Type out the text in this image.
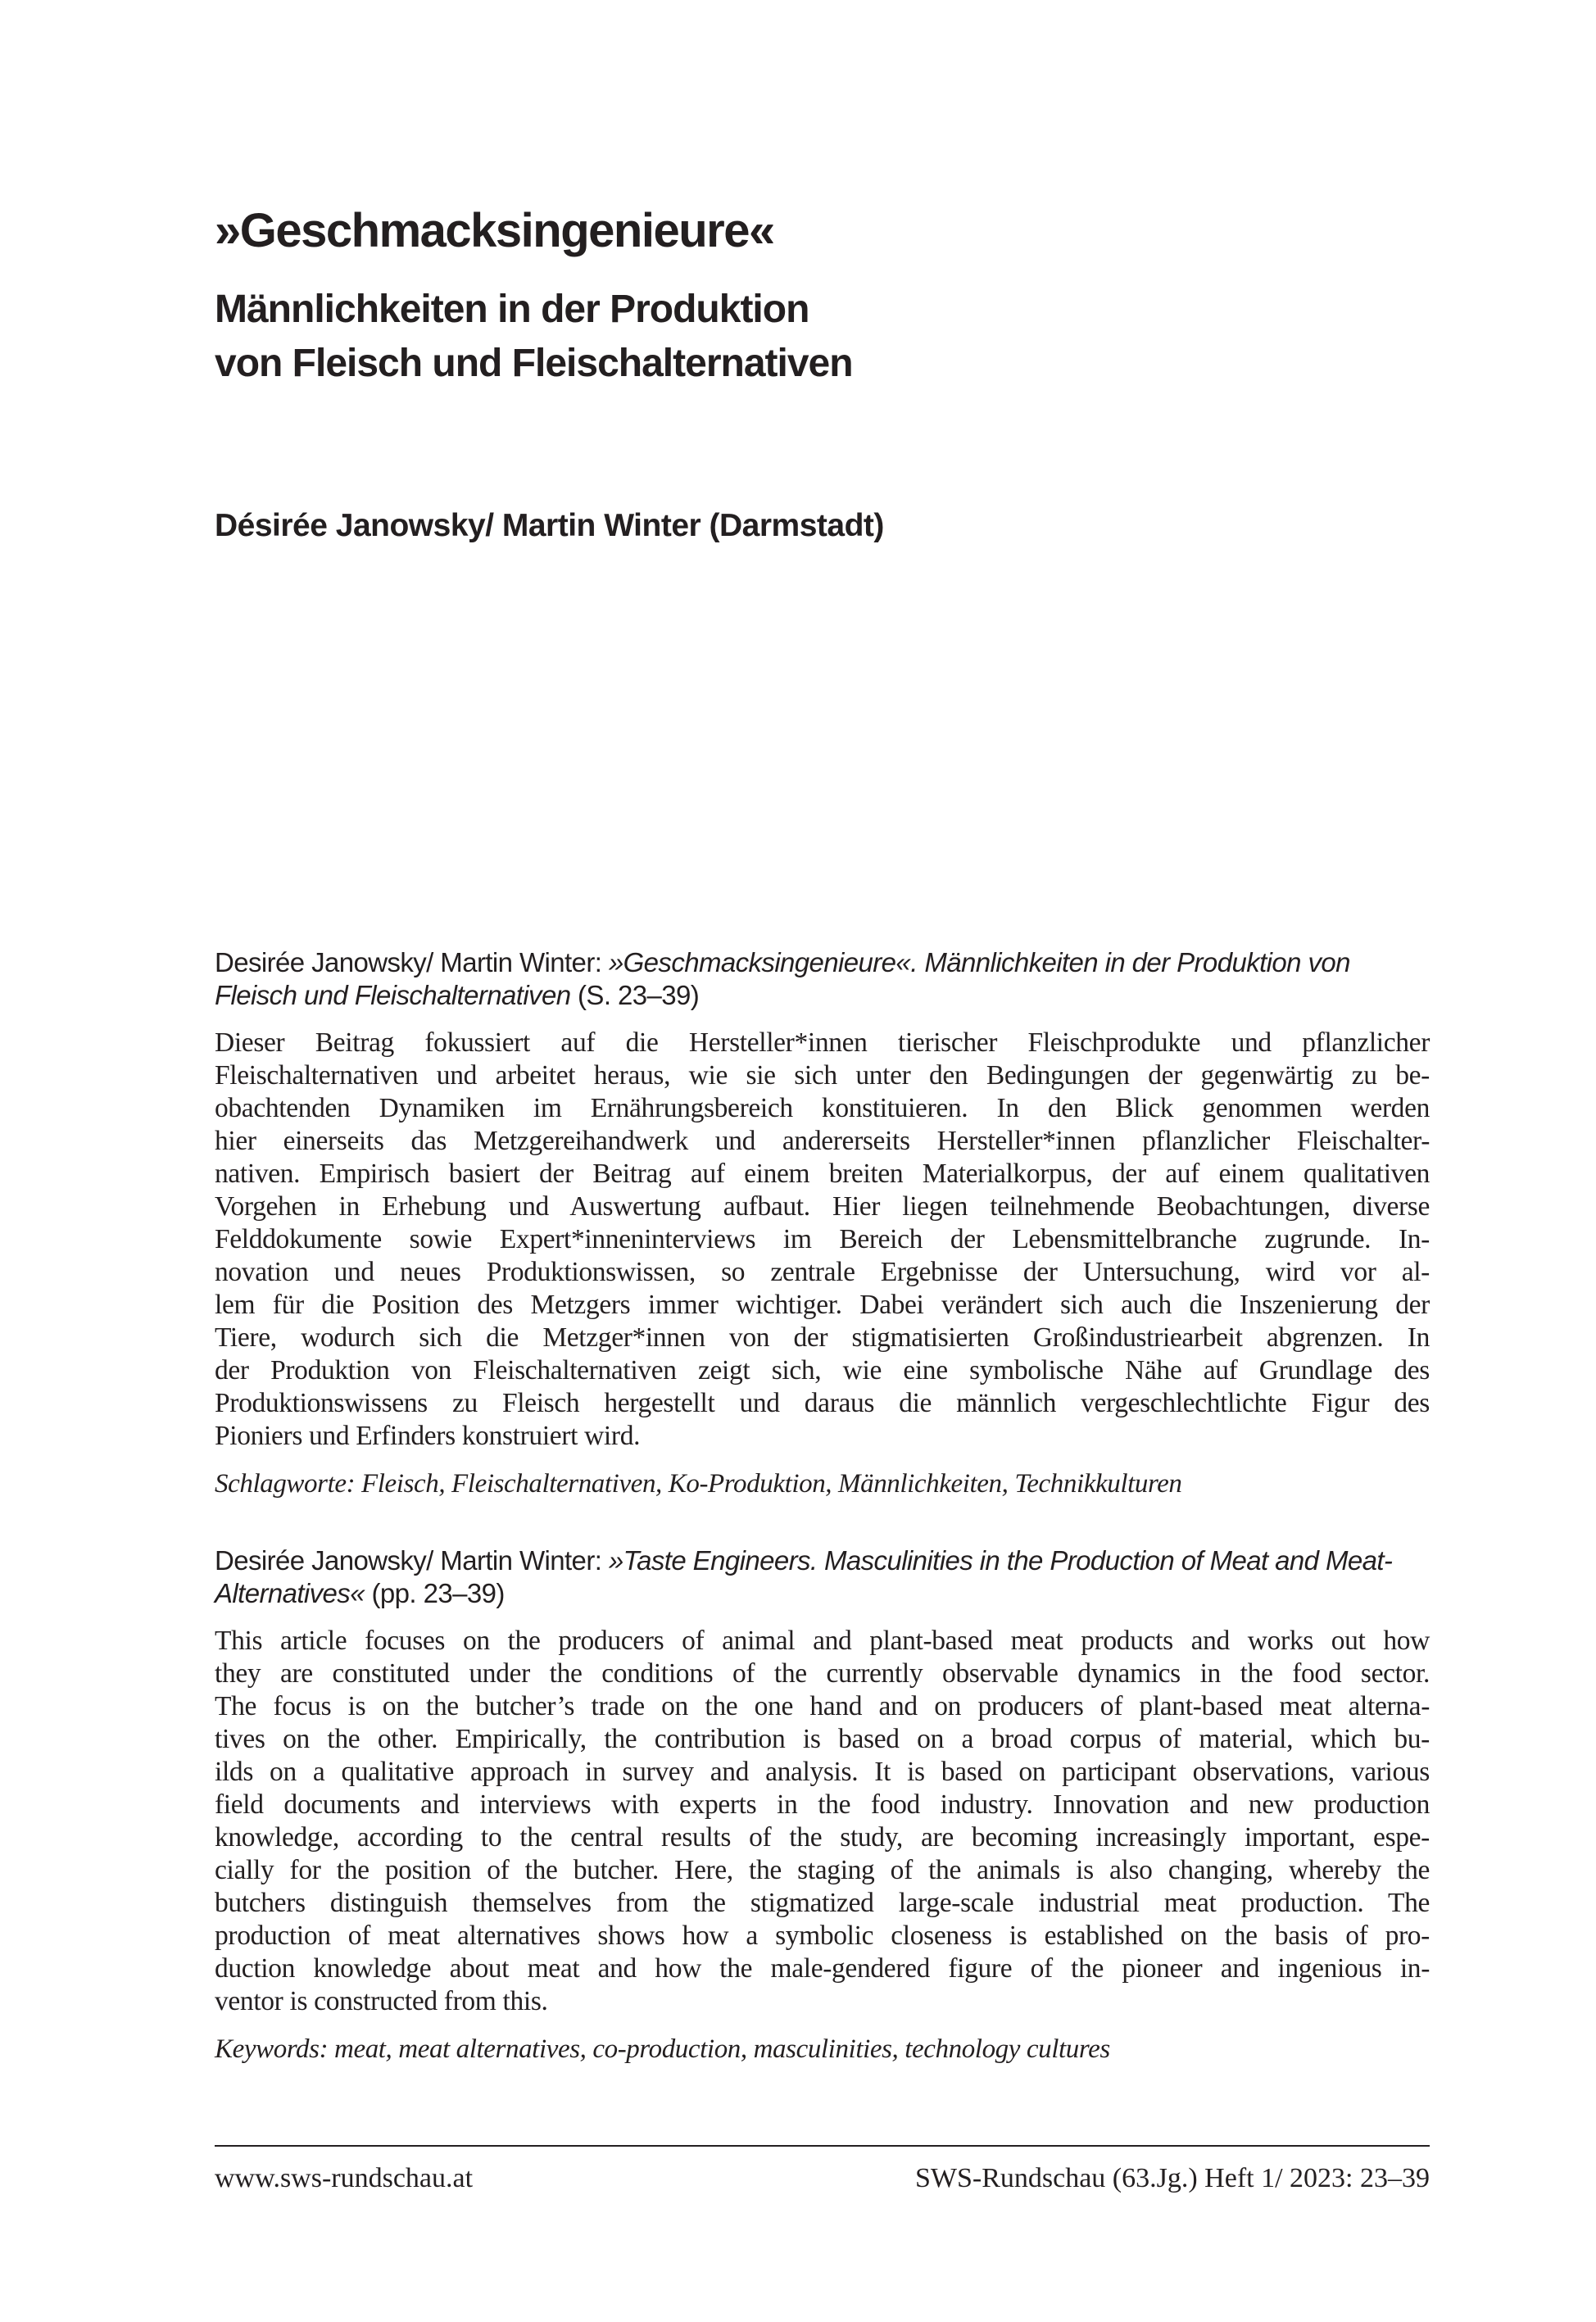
»Geschmacksingenieure«
Männlichkeiten in der Produktion
von Fleisch und Fleischalternativen
Désirée Janowsky/ Martin Winter (Darmstadt)

Desirée Janowsky/ Martin Winter: »Geschmacksingenieure«. Männlichkeiten in der Produktion von Fleisch und Fleischalternativen (S. 23–39)

Dieser Beitrag fokussiert auf die Hersteller*innen tierischer Fleischprodukte und pflanzlicher
Fleischalternativen und arbeitet heraus, wie sie sich unter den Bedingungen der gegenwärtig zu be-
obachtenden Dynamiken im Ernährungsbereich konstituieren. In den Blick genommen werden
hier einerseits das Metzgereihandwerk und andererseits Hersteller*innen pflanzlicher Fleischalter-
nativen. Empirisch basiert der Beitrag auf einem breiten Materialkorpus, der auf einem qualitativen
Vorgehen in Erhebung und Auswertung aufbaut. Hier liegen teilnehmende Beobachtungen, diverse
Felddokumente sowie Expert*inneninterviews im Bereich der Lebensmittelbranche zugrunde. In-
novation und neues Produktionswissen, so zentrale Ergebnisse der Untersuchung, wird vor al-
lem für die Position des Metzgers immer wichtiger. Dabei verändert sich auch die Inszenierung der
Tiere, wodurch sich die Metzger*innen von der stigmatisierten Großindustriearbeit abgrenzen. In
der Produktion von Fleischalternativen zeigt sich, wie eine symbolische Nähe auf Grundlage des
Produktionswissens zu Fleisch hergestellt und daraus die männlich vergeschlechtlichte Figur des
Pioniers und Erfinders konstruiert wird.

Schlagworte: Fleisch, Fleischalternativen, Ko-Produktion, Männlichkeiten, Technikkulturen

Desirée Janowsky/ Martin Winter: »Taste Engineers. Masculinities in the Production of Meat and Meat-Alternatives« (pp. 23–39)

This article focuses on the producers of animal and plant-based meat products and works out how
they are constituted under the conditions of the currently observable dynamics in the food sector.
The focus is on the butcher’s trade on the one hand and on producers of plant-based meat alterna-
tives on the other. Empirically, the contribution is based on a broad corpus of material, which bu-
ilds on a qualitative approach in survey and analysis. It is based on participant observations, various
field documents and interviews with experts in the food industry. Innovation and new production
knowledge, according to the central results of the study, are becoming increasingly important, espe-
cially for the position of the butcher. Here, the staging of the animals is also changing, whereby the
butchers distinguish themselves from the stigmatized large-scale industrial meat production. The
production of meat alternatives shows how a symbolic closeness is established on the basis of pro-
duction knowledge about meat and how the male-gendered figure of the pioneer and ingenious in-
ventor is constructed from this.

Keywords: meat, meat alternatives, co-production, masculinities, technology cultures

www.sws-rundschau.at	SWS-Rundschau (63.Jg.) Heft 1/ 2023: 23–39
